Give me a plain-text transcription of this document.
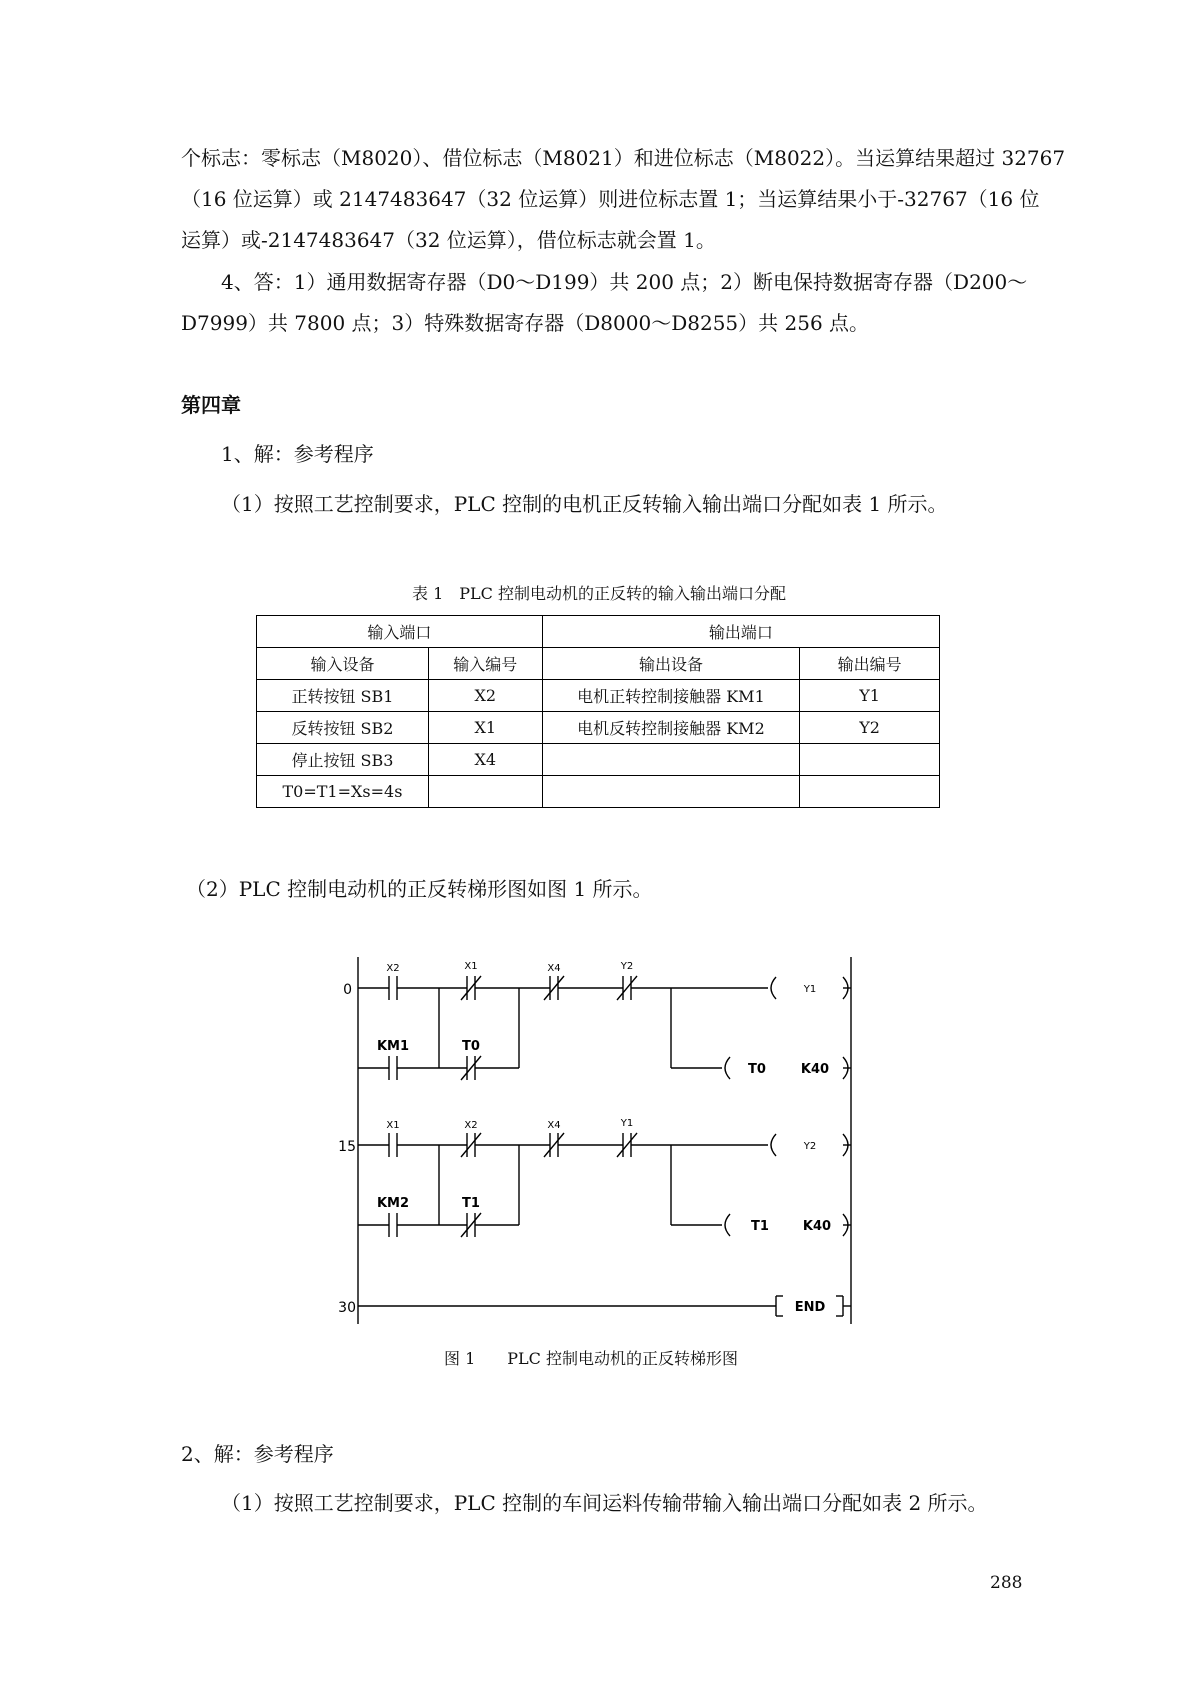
个标志：零标志（M8020）、借位标志（M8021）和进位标志（M8022）。当运算结果超过 32767
（16 位运算）或 2147483647（32 位运算）则进位标志置 1；当运算结果小于-32767（16 位
运算）或-2147483647（32 位运算），借位标志就会置 1。
4、答：1）通用数据寄存器（D0～D199）共 200 点；2）断电保持数据寄存器（D200～
D7999）共 7800 点；3）特殊数据寄存器（D8000～D8255）共 256 点。
第四章
1、解：参考程序
（1）按照工艺控制要求，PLC 控制的电机正反转输入输出端口分配如表 1 所示。
表 1　PLC 控制电动机的正反转的输入输出端口分配
输入端口		输出端口	
输入设备	输入编号	输出设备	输出编号
正转按钮 SB1	X2	电机正转控制接触器 KM1	Y1
反转按钮 SB2	X1	电机反转控制接触器 KM2	Y2
停止按钮 SB3	X4		
T0=T1=Xs=4s			
（2）PLC 控制电动机的正反转梯形图如图 1 所示。
0
15
30
X2	X1	X4	Y2
KM1	T0
Y1
T0	K40
X1	X2	X4	Y1
KM2	T1
Y2
T1	K40
END
图 1　　PLC 控制电动机的正反转梯形图
2、解：参考程序
（1）按照工艺控制要求，PLC 控制的车间运料传输带输入输出端口分配如表 2 所示。
288
